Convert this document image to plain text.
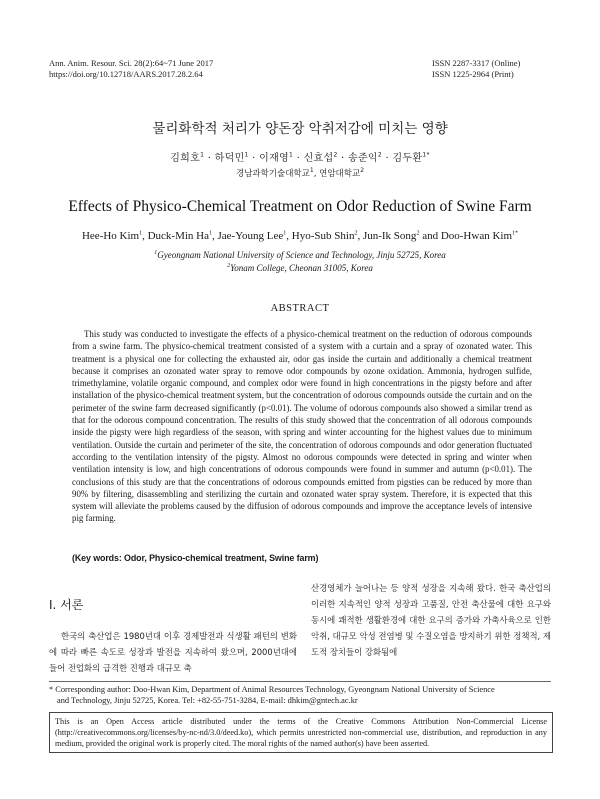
Ann. Anim. Resour. Sci. 28(2):64~71 June 2017
https://doi.org/10.12718/AARS.2017.28.2.64
ISSN 2287-3317 (Online)
ISSN 1225-2964 (Print)
물리화학적 처리가 양돈장 악취저감에 미치는 영향
김희호$^1$ · 하덕민$^1$ · 이재영$^1$ · 신효섭$^2$ · 송준익$^2$ · 김두환$^{1*}$
경남과학기술대학교$^1$, 연암대학교$^2$
Effects of Physico-Chemical Treatment on Odor Reduction of Swine Farm
Hee-Ho Kim$^1$, Duck-Min Ha$^1$, Jae-Young Lee$^1$, Hyo-Sub Shin$^2$, Jun-Ik Song$^2$ and Doo-Hwan Kim$^{1*}$
$^1$Gyeongnam National University of Science and Technology, Jinju 52725, Korea
$^2$Yonam College, Cheonan 31005, Korea
ABSTRACT

This study was conducted to investigate the effects of a physico-chemical treatment on the reduction of odorous compounds from a swine farm. The physico-chemical treatment consisted of a system with a curtain and a spray of ozonated water. This treatment is a physical one for collecting the exhausted air, odor gas inside the curtain and additionally a chemical treatment because it comprises an ozonated water spray to remove odor compounds by ozone oxidation. Ammonia, hydrogen sulfide, trimethylamine, volatile organic compound, and complex odor were found in high concentrations in the pigsty before and after installation of the physico-chemical treatment system, but the concentration of odorous compounds outside the curtain and on the perimeter of the swine farm decreased significantly (p<0.01). The volume of odorous compounds also showed a similar trend as that for the odorous compound concentration. The results of this study showed that the concentration of all odorous compounds inside the pigsty were high regardless of the season, with spring and winter accounting for the highest values due to minimum ventilation. Outside the curtain and perimeter of the site, the concentration of odorous compounds and odor generation fluctuated according to the ventilation intensity of the pigsty. Almost no odorous compounds were detected in spring and winter when ventilation intensity is low, and high concentrations of odorous compounds were found in summer and autumn (p<0.01). The conclusions of this study are that the concentrations of odorous compounds emitted from pigsties can be reduced by more than 90% by filtering, disassembling and sterilizing the curtain and ozonated water spray system. Therefore, it is expected that this system will alleviate the problems caused by the diffusion of odorous compounds and improve the acceptance levels of intensive pig farming.

(Key words: Odor, Physico-chemical treatment, Swine farm)
Ⅰ. 서론

한국의 축산업은 1980년대 이후 경제발전과 식생활 패턴의 변화에 따라 빠른 속도로 성장과 발전을 지속하여 왔으며, 2000년대에 들어 전업화의 급격한 진행과 대규모 축

산경영체가 늘어나는 등 양적 성장을 지속해 왔다. 한국 축산업의 이러한 지속적인 양적 성장과 고품질, 안전 축산물에 대한 요구와 동시에 쾌적한 생활환경에 대한 요구의 증가와 가축사육으로 인한 악취, 대규모 악성 전염병 및 수질오염을 방지하기 위한 정책적, 제도적 장치들이 강화됨에

* Corresponding author: Doo-Hwan Kim, Department of Animal Resources Technology, Gyeongnam National University of Science
and Technology, Jinju 52725, Korea. Tel: +82-55-751-3284, E-mail: dhkim@gntech.ac.kr

This is an Open Access article distributed under the terms of the Creative Commons Attribution Non-Commercial License (http://creativecommons.org/licenses/by-nc-nd/3.0/deed.ko), which permits unrestricted non-commercial use, distribution, and reproduction in any medium, provided the original work is properly cited. The moral rights of the named author(s) have been asserted.
